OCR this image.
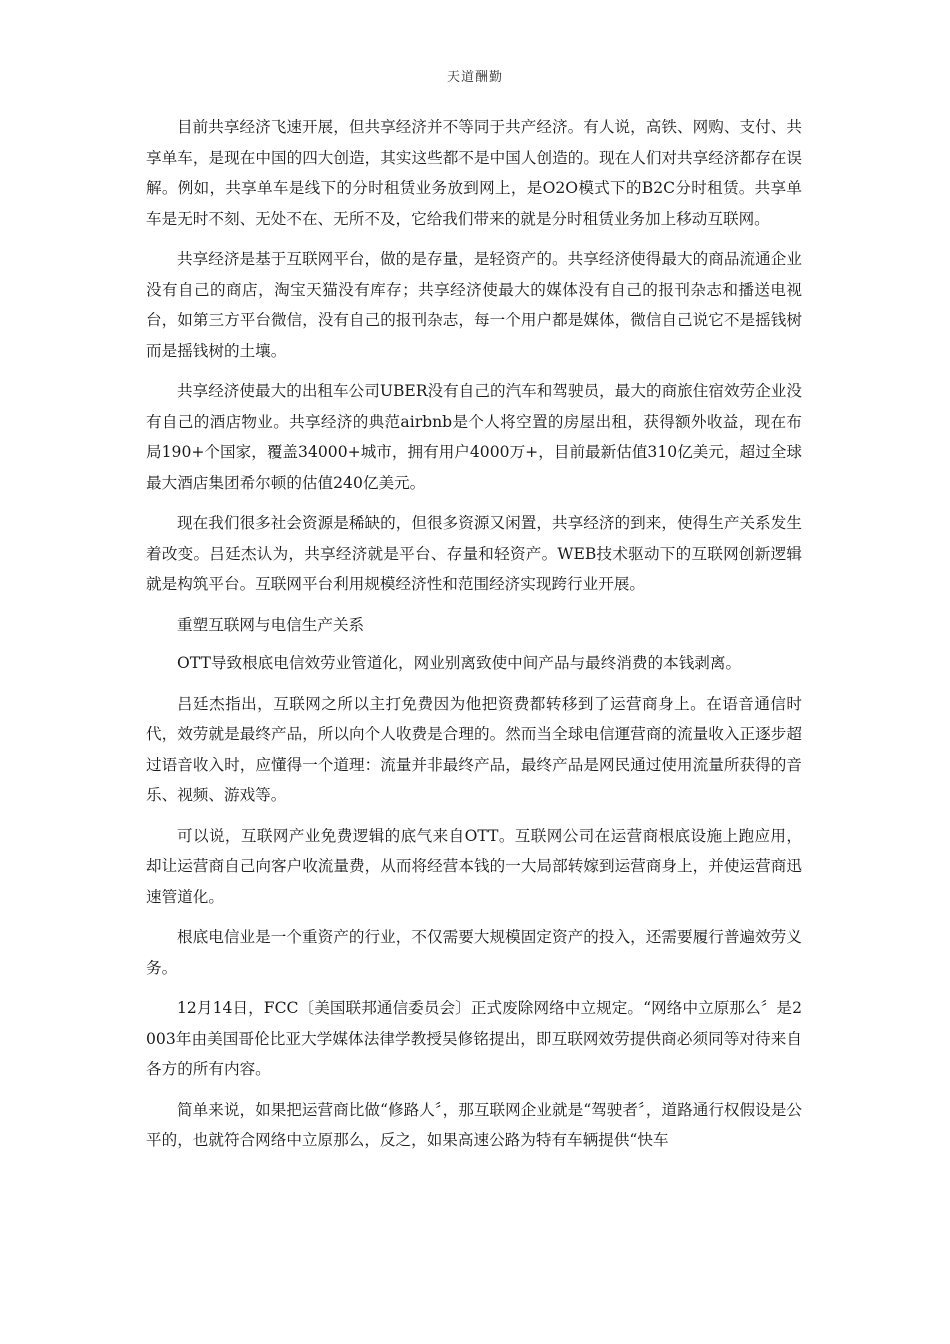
天道酬勤

目前共享经济飞速开展，但共享经济并不等同于共产经济。有人说，高铁、网购、支付、共享单车，是现在中国的四大创造，其实这些都不是中国人创造的。现在人们对共享经济都存在误解。例如，共享单车是线下的分时租赁业务放到网上，是O2O模式下的B2C分时租赁。共享单车是无时不刻、无处不在、无所不及，它给我们带来的就是分时租赁业务加上移动互联网。

共享经济是基于互联网平台，做的是存量，是轻资产的。共享经济使得最大的商品流通企业没有自己的商店，淘宝天猫没有库存；共享经济使最大的媒体没有自己的报刊杂志和播送电视台，如第三方平台微信，没有自己的报刊杂志，每一个用户都是媒体，微信自己说它不是摇钱树而是摇钱树的土壤。

共享经济使最大的出租车公司UBER没有自己的汽车和驾驶员，最大的商旅住宿效劳企业没有自己的酒店物业。共享经济的典范airbnb是个人将空置的房屋出租，获得额外收益，现在布局190+个国家，覆盖34000+城市，拥有用户4000万+，目前最新估值310亿美元，超过全球最大酒店集团希尔顿的估值240亿美元。

现在我们很多社会资源是稀缺的，但很多资源又闲置，共享经济的到来，使得生产关系发生着改变。吕廷杰认为，共享经济就是平台、存量和轻资产。WEB技术驱动下的互联网创新逻辑就是构筑平台。互联网平台利用规模经济性和范围经济实现跨行业开展。

重塑互联网与电信生产关系

OTT导致根底电信效劳业管道化，网业别离致使中间产品与最终消费的本钱剥离。

吕廷杰指出，互联网之所以主打免费因为他把资费都转移到了运营商身上。在语音通信时代，效劳就是最终产品，所以向个人收费是合理的。然而当全球电信運营商的流量收入正逐步超过语音收入时，应懂得一个道理：流量并非最终产品，最终产品是网民通过使用流量所获得的音乐、视频、游戏等。

可以说，互联网产业免费逻辑的底气来自OTT。互联网公司在运营商根底设施上跑应用，却让运营商自己向客户收流量费，从而将经营本钱的一大局部转嫁到运营商身上，并使运营商迅速管道化。

根底电信业是一个重资产的行业，不仅需要大规模固定资产的投入，还需要履行普遍效劳义务。

12月14日，FCC〔美国联邦通信委员会〕正式废除网络中立规定。“网络中立原那么〞是2003年由美国哥伦比亚大学媒体法律学教授吴修铭提出，即互联网效劳提供商必须同等对待来自各方的所有内容。

简单来说，如果把运营商比做“修路人〞，那互联网企业就是“驾驶者〞，道路通行权假设是公平的，也就符合网络中立原那么，反之，如果高速公路为特有车辆提供“快车
